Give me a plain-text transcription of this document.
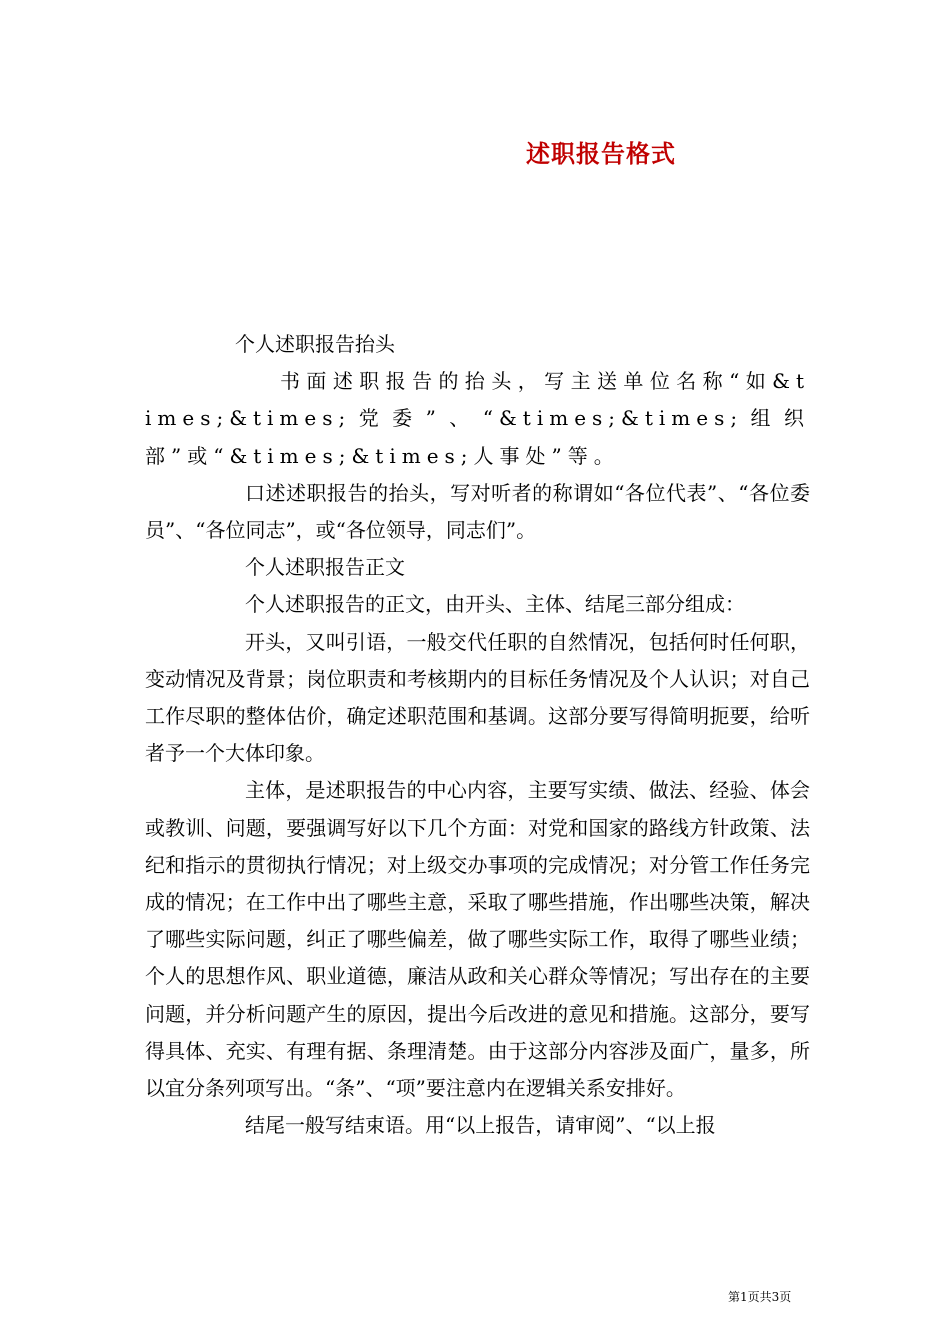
述职报告格式

个人述职报告抬头

书面述职报告的抬头，写主送单位名称“如&times;&times;党委”、“&times;&times;组织部”或“&times;&times;人事处”等。

口述述职报告的抬头，写对听者的称谓如“各位代表”、“各位委员”、“各位同志”，或“各位领导，同志们”。

个人述职报告正文

个人述职报告的正文，由开头、主体、结尾三部分组成：

开头，又叫引语，一般交代任职的自然情况，包括何时任何职，变动情况及背景；岗位职责和考核期内的目标任务情况及个人认识；对自己工作尽职的整体估价，确定述职范围和基调。这部分要写得简明扼要，给听者予一个大体印象。

主体，是述职报告的中心内容，主要写实绩、做法、经验、体会或教训、问题，要强调写好以下几个方面：对党和国家的路线方针政策、法纪和指示的贯彻执行情况；对上级交办事项的完成情况；对分管工作任务完成的情况；在工作中出了哪些主意，采取了哪些措施，作出哪些决策，解决了哪些实际问题，纠正了哪些偏差，做了哪些实际工作，取得了哪些业绩；个人的思想作风、职业道德，廉洁从政和关心群众等情况；写出存在的主要问题，并分析问题产生的原因，提出今后改进的意见和措施。这部分，要写得具体、充实、有理有据、条理清楚。由于这部分内容涉及面广，量多，所以宜分条列项写出。“条”、“项”要注意内在逻辑关系安排好。

结尾一般写结束语。用“以上报告，请审阅”、“以上报

第1页共3页
